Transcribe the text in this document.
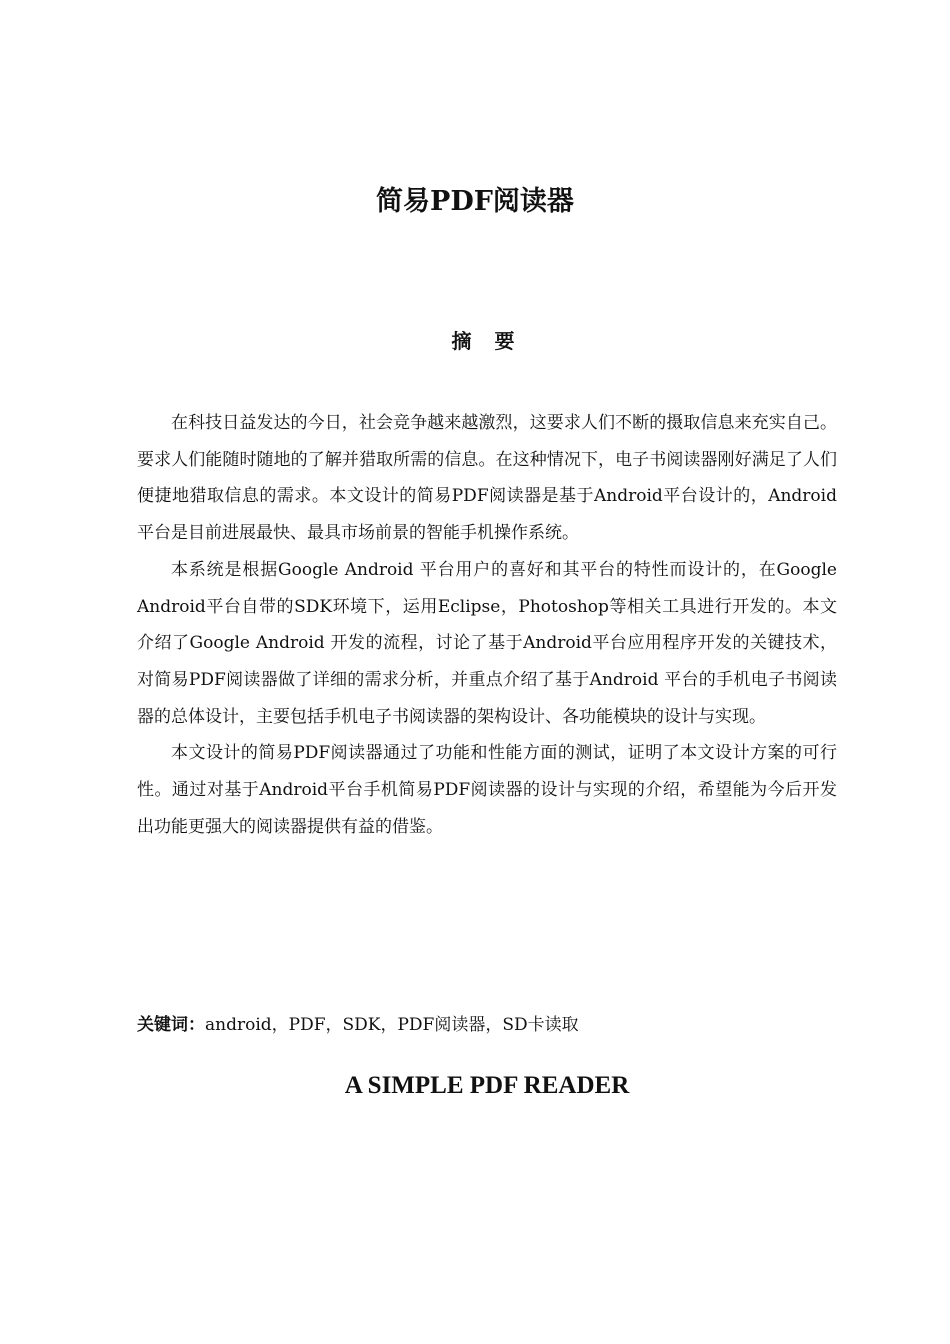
简易PDF阅读器
摘 要

在科技日益发达的今日，社会竞争越来越激烈，这要求人们不断的摄取信息来充实自己。要求人们能随时随地的了解并猎取所需的信息。在这种情况下，电子书阅读器刚好满足了人们便捷地猎取信息的需求。本文设计的简易PDF阅读器是基于Android平台设计的，Android平台是目前进展最快、最具市场前景的智能手机操作系统。

本系统是根据Google Android 平台用户的喜好和其平台的特性而设计的，在Google Android平台自带的SDK环境下，运用Eclipse，Photoshop等相关工具进行开发的。本文介绍了Google Android 开发的流程，讨论了基于Android平台应用程序开发的关键技术，对简易PDF阅读器做了详细的需求分析，并重点介绍了基于Android 平台的手机电子书阅读器的总体设计，主要包括手机电子书阅读器的架构设计、各功能模块的设计与实现。

本文设计的简易PDF阅读器通过了功能和性能方面的测试，证明了本文设计方案的可行性。通过对基于Android平台手机简易PDF阅读器的设计与实现的介绍，希望能为今后开发出功能更强大的阅读器提供有益的借鉴。

关键词：android，PDF，SDK，PDF阅读器，SD卡读取
A SIMPLE PDF READER
